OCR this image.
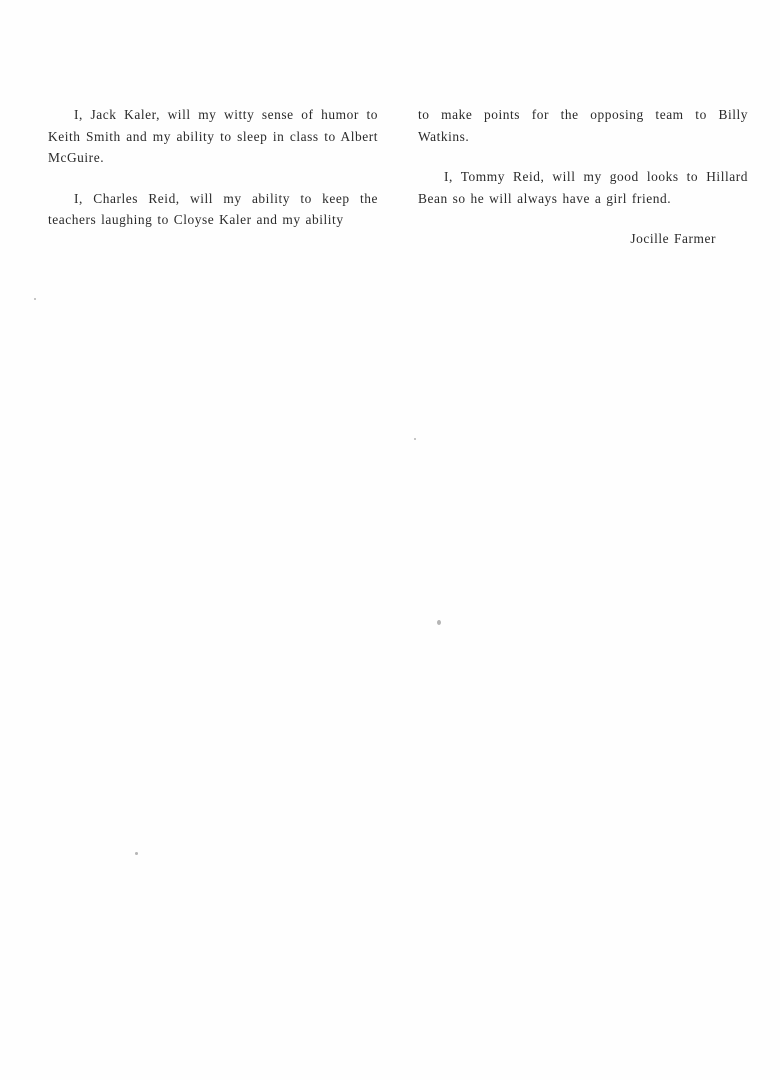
I, Jack Kaler, will my witty sense of humor to Keith Smith and my ability to sleep in class to Albert McGuire.

I, Charles Reid, will my ability to keep the teachers laughing to Cloyse Kaler and my ability

to make points for the opposing team to Billy Watkins.

I, Tommy Reid, will my good looks to Hillard Bean so he will always have a girl friend.

Jocille Farmer
